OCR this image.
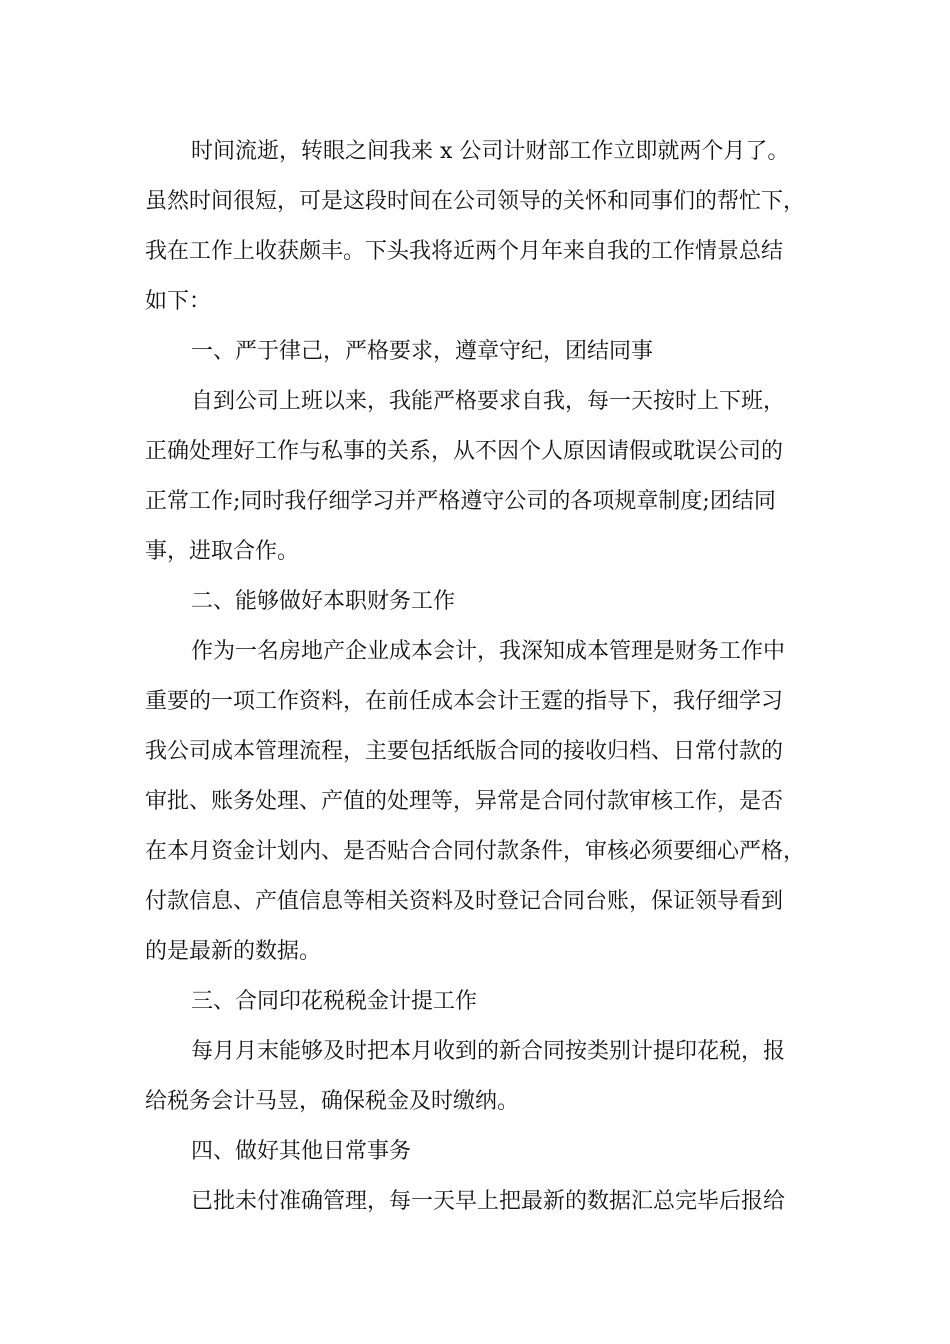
时间流逝，转眼之间我来 x 公司计财部工作立即就两个月了。
虽然时间很短，可是这段时间在公司领导的关怀和同事们的帮忙下，
我在工作上收获颇丰。下头我将近两个月年来自我的工作情景总结
如下：
一、严于律己，严格要求，遵章守纪，团结同事
自到公司上班以来，我能严格要求自我，每一天按时上下班，
正确处理好工作与私事的关系，从不因个人原因请假或耽误公司的
正常工作;同时我仔细学习并严格遵守公司的各项规章制度;团结同
事，进取合作。
二、能够做好本职财务工作
作为一名房地产企业成本会计，我深知成本管理是财务工作中
重要的一项工作资料，在前任成本会计王霆的指导下，我仔细学习
我公司成本管理流程，主要包括纸版合同的接收归档、日常付款的
审批、账务处理、产值的处理等，异常是合同付款审核工作，是否
在本月资金计划内、是否贴合合同付款条件，审核必须要细心严格，
付款信息、产值信息等相关资料及时登记合同台账，保证领导看到
的是最新的数据。
三、合同印花税税金计提工作
每月月末能够及时把本月收到的新合同按类别计提印花税，报
给税务会计马昱，确保税金及时缴纳。
四、做好其他日常事务
已批未付准确管理，每一天早上把最新的数据汇总完毕后报给
